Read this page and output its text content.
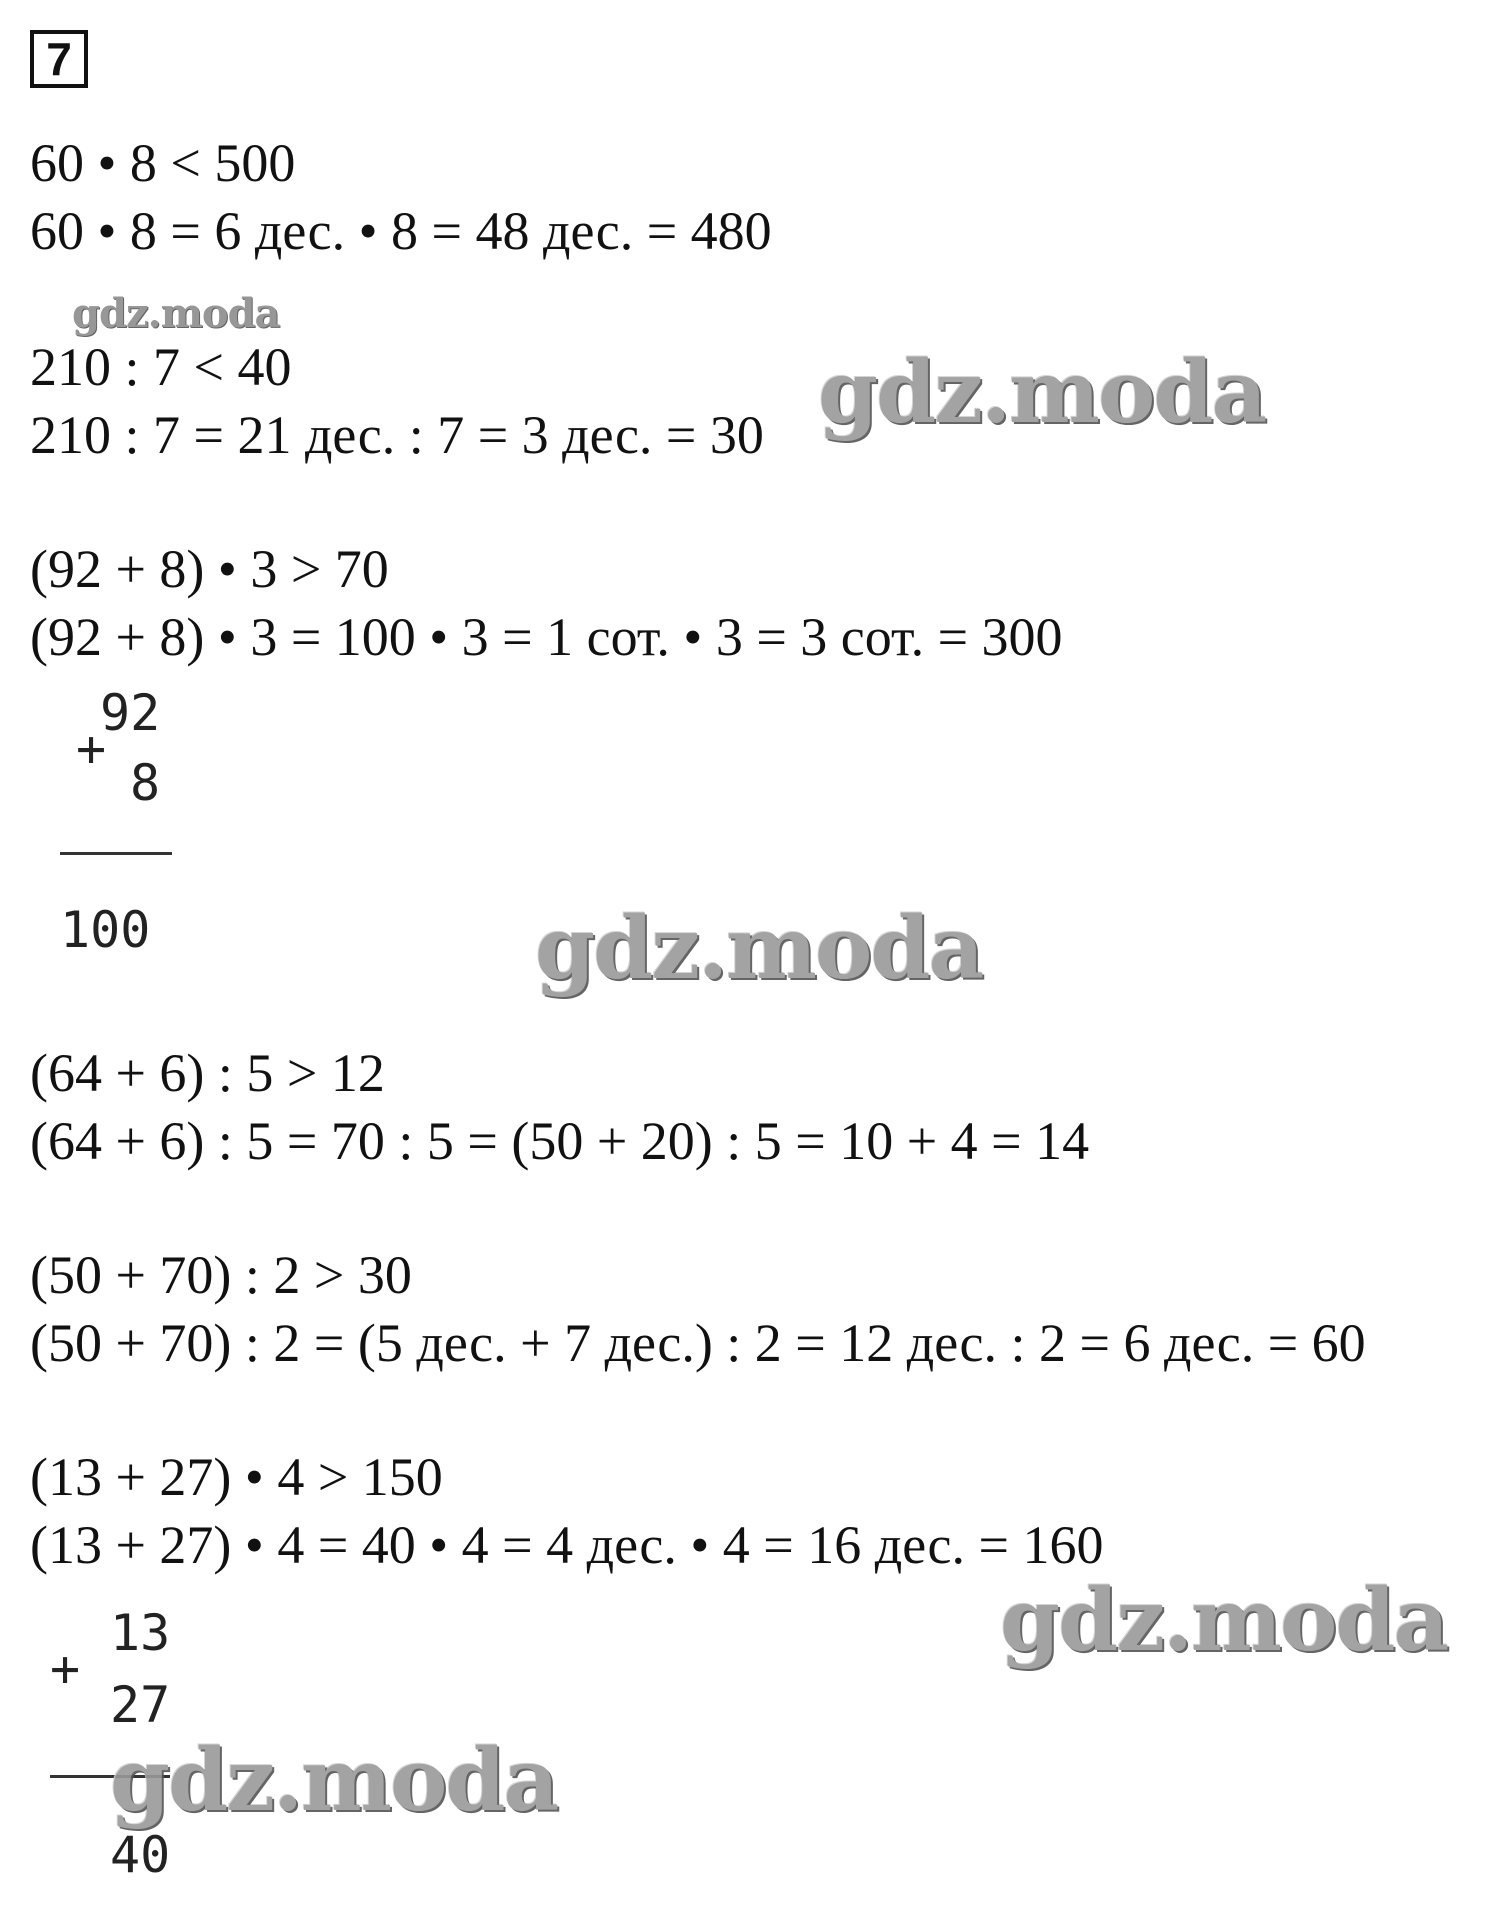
7
60 • 8 < 500
60 • 8 = 6 дес. • 8 = 48 дес. = 480
210 : 7 < 40
210 : 7 = 21 дес. : 7 = 3 дес. = 30
(92 + 8) • 3 > 70
(92 + 8) • 3 = 100 • 3 = 1 сот. • 3 = 3 сот. = 300
92
+
8
100
(64 + 6) : 5 > 12
(64 + 6) : 5 = 70 : 5 = (50 + 20) : 5 = 10 + 4 = 14
(50 + 70) : 2 > 30
(50 + 70) : 2 = (5 дес. + 7 дес.) : 2 = 12 дес. : 2 = 6 дес. = 60
(13 + 27) • 4 > 150
(13 + 27) • 4 = 40 • 4 = 4 дес. • 4 = 16 дес. = 160
13
+
27
40
gdz.moda
gdz.moda
gdz.moda
gdz.moda
gdz.moda
